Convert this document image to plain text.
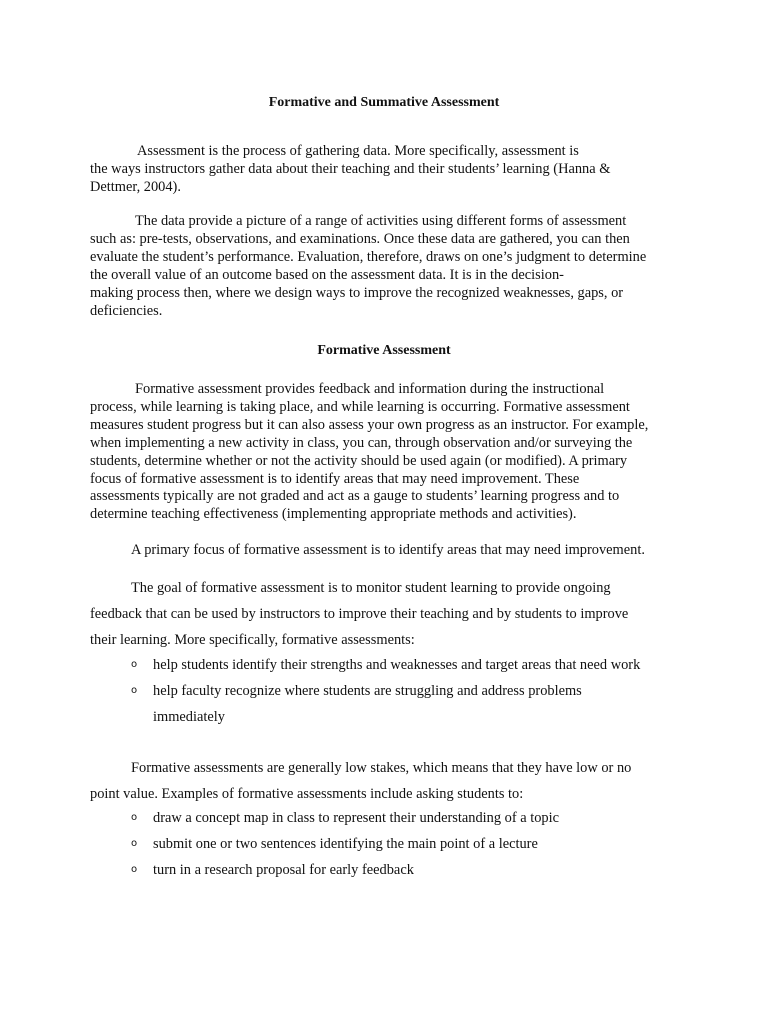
Formative and Summative Assessment
Assessment is the process of gathering data. More specifically, assessment is
the ways instructors gather data about their teaching and their students’ learning (Hanna &
Dettmer, 2004).
The data provide a picture of a range of activities using different forms of assessment
such as: pre-tests, observations, and examinations. Once these data are gathered, you can then
evaluate the student’s performance. Evaluation, therefore, draws on one’s judgment to determine
the overall value of an outcome based on the assessment data. It is in the decision-
making process then, where we design ways to improve the recognized weaknesses, gaps, or
deficiencies.
Formative Assessment
Formative assessment provides feedback and information during the instructional
process, while learning is taking place, and while learning is occurring. Formative assessment
measures student progress but it can also assess your own progress as an instructor. For example,
when implementing a new activity in class, you can, through observation and/or surveying the
students, determine whether or not the activity should be used again (or modified). A primary
focus of formative assessment is to identify areas that may need improvement. These
assessments typically are not graded and act as a gauge to students’ learning progress and to
determine teaching effectiveness (implementing appropriate methods and activities).
A primary focus of formative assessment is to identify areas that may need improvement.
The goal of formative assessment is to monitor student learning to provide ongoing
feedback that can be used by instructors to improve their teaching and by students to improve
their learning. More specifically, formative assessments:
o help students identify their strengths and weaknesses and target areas that need work
o help faculty recognize where students are struggling and address problems
immediately
Formative assessments are generally low stakes, which means that they have low or no
point value. Examples of formative assessments include asking students to:
o draw a concept map in class to represent their understanding of a topic
o submit one or two sentences identifying the main point of a lecture
o turn in a research proposal for early feedback
